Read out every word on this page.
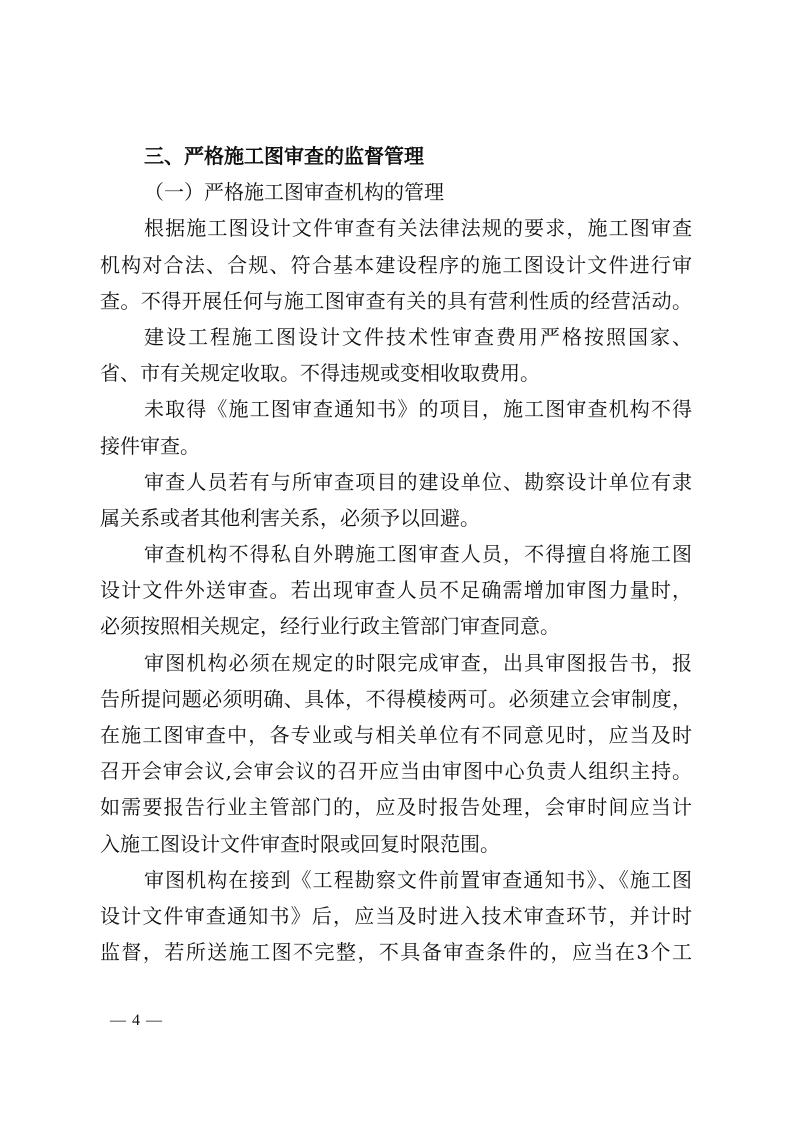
三、严格施工图审查的监督管理
（一）严格施工图审查机构的管理
根据施工图设计文件审查有关法律法规的要求，施工图审查
机构对合法、合规、符合基本建设程序的施工图设计文件进行审
查。不得开展任何与施工图审查有关的具有营利性质的经营活动。
建设工程施工图设计文件技术性审查费用严格按照国家、
省、市有关规定收取。不得违规或变相收取费用。
未取得《施工图审查通知书》的项目，施工图审查机构不得
接件审查。
审查人员若有与所审查项目的建设单位、勘察设计单位有隶
属关系或者其他利害关系，必须予以回避。
审查机构不得私自外聘施工图审查人员，不得擅自将施工图
设计文件外送审查。若出现审查人员不足确需增加审图力量时，
必须按照相关规定，经行业行政主管部门审查同意。
审图机构必须在规定的时限完成审查，出具审图报告书，报
告所提问题必须明确、具体，不得模棱两可。必须建立会审制度，
在施工图审查中，各专业或与相关单位有不同意见时，应当及时
召开会审会议,会审会议的召开应当由审图中心负责人组织主持。
如需要报告行业主管部门的，应及时报告处理，会审时间应当计
入施工图设计文件审查时限或回复时限范围。
审图机构在接到《工程勘察文件前置审查通知书》、《施工图
设计文件审查通知书》后，应当及时进入技术审查环节，并计时
监督，若所送施工图不完整，不具备审查条件的，应当在3个工
— 4 —
